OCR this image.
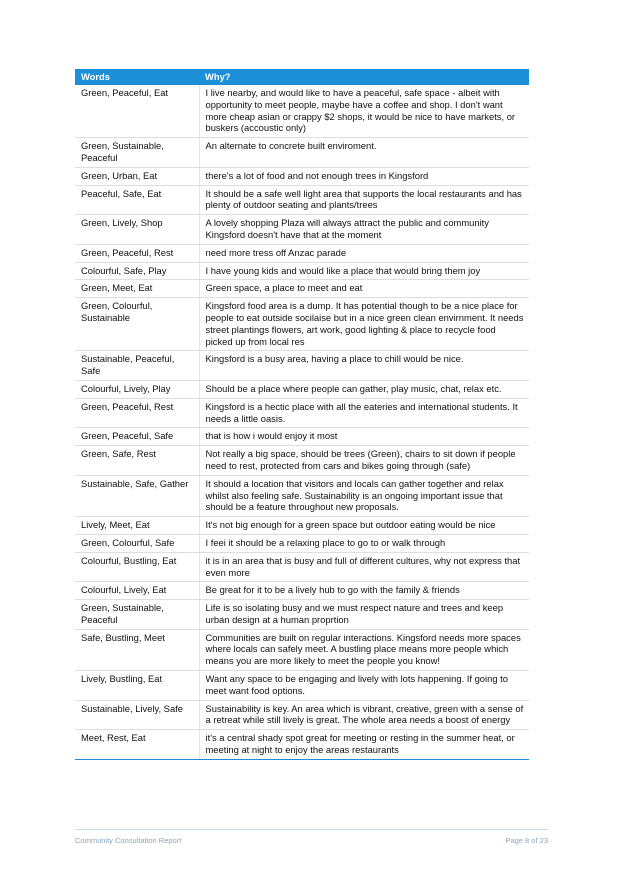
Words	Why?
Green, Peaceful, Eat	I live nearby, and would like to have a peaceful, safe space - albeit with opportunity to meet people, maybe have a coffee and shop. I don't want more cheap asian or crappy $2 shops, it would be nice to have markets, or buskers (accoustic only)
Green, Sustainable, Peaceful	An alternate to concrete built enviroment.
Green, Urban, Eat	there's a lot of food and not enough trees in Kingsford
Peaceful, Safe, Eat	It should be a safe well light area that supports the local restaurants and has plenty of outdoor seating and plants/trees
Green, Lively, Shop	A lovely shopping Plaza will always attract the public and community Kingsford doesn't have that at the moment
Green, Peaceful, Rest	need more tress off Anzac parade
Colourful, Safe, Play	I have young kids and would like a place that would bring them joy
Green, Meet, Eat	Green space, a place to meet and eat
Green, Colourful, Sustainable	Kingsford food area is a dump. It has potential though to be a nice place for people to eat outside socilaise but in a nice green clean envirnment. It needs street plantings flowers, art work, good lighting & place to recycle food picked up from local res
Sustainable, Peaceful, Safe	Kingsford is a busy area, having a place to chill would be nice.
Colourful, Lively, Play	Should be a place where people can gather, play music, chat, relax etc.
Green, Peaceful, Rest	Kingsford is a hectic place with all the eateries and international students. It needs a little oasis.
Green, Peaceful, Safe	that is how i would enjoy it most
Green, Safe, Rest	Not really a big space, should be trees (Green), chairs to sit down if people need to rest, protected from cars and bikes going through (safe)
Sustainable, Safe, Gather	It should a location that visitors and locals can gather together and relax whilst also feeling safe. Sustainability is an ongoing important issue that should be a feature throughout new proposals.
Lively, Meet, Eat	It's not big enough for a green space but outdoor eating would be nice
Green, Colourful, Safe	I feei it should be a relaxing place to go to or walk through
Colourful, Bustling, Eat	it is in an area that is busy and full of different cultures, why not express that even more
Colourful, Lively, Eat	Be great for it to be a lively hub to go with the family & friends
Green, Sustainable, Peaceful	Life is so isolating busy and we must respect nature and trees and keep urban design at a human proprtion
Safe, Bustling, Meet	Communities are built on regular interactions. Kingsford needs more spaces where locals can safely meet. A bustling place means more people which means you are more likely to meet the people you know!
Lively, Bustling, Eat	Want any space to be engaging and lively with lots happening. If going to meet want food options.
Sustainable, Lively, Safe	Sustainability is key. An area which is vibrant, creative, green with a sense of a retreat while still lively is great. The whole area needs a boost of energy
Meet, Rest, Eat	it's a central shady spot great for meeting or resting in the summer heat, or meeting at night to enjoy the areas restaurants
Community Consultation Report	Page 8 of 23
